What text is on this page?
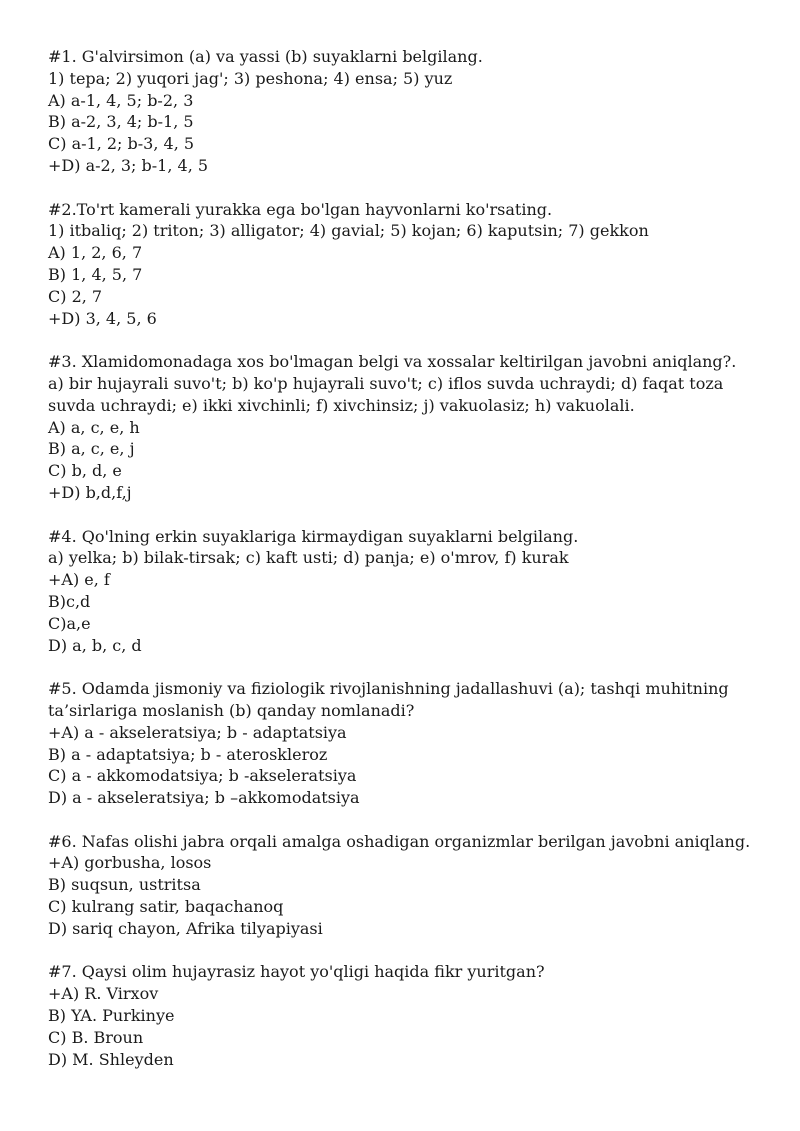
#1. G'alvirsimon (a) va yassi (b) suyaklarni belgilang.
1) tepa; 2) yuqori jag'; 3) peshona; 4) ensa; 5) yuz
A) a-1, 4, 5; b-2, 3
B) a-2, 3, 4; b-1, 5
C) a-1, 2; b-3, 4, 5
+D) a-2, 3; b-1, 4, 5
#2.To'rt kamerali yurakka ega bo'lgan hayvonlarni ko'rsating.
1) itbaliq; 2) triton; 3) alligator; 4) gavial; 5) kojan; 6) kaputsin; 7) gekkon
A) 1, 2, 6, 7
B) 1, 4, 5, 7
C) 2, 7
+D) 3, 4, 5, 6
#3. Xlamidomonadaga xos bo'lmagan belgi va xossalar keltirilgan javobni aniqlang?.
a) bir hujayrali suvo't; b) ko'p hujayrali suvo't; c) iflos suvda uchraydi; d) faqat toza suvda uchraydi; e) ikki xivchinli; f) xivchinsiz; j) vakuolasiz; h) vakuolali.
A) a, c, e, h
B) a, c, e, j
C) b, d, e
+D) b,d,f,j
#4. Qo'lning erkin suyaklariga kirmaydigan suyaklarni belgilang.
a) yelka; b) bilak-tirsak; c) kaft usti; d) panja; e) o'mrov, f) kurak
+A) e, f
B)c,d
C)a,e
D) a, b, c, d
#5. Odamda jismoniy va fiziologik rivojlanishning jadallashuvi (a); tashqi muhitning ta’sirlariga moslanish (b) qanday nomlanadi?
+A) a - akseleratsiya; b - adaptatsiya
B) a - adaptatsiya; b - ateroskleroz
C) a - akkomodatsiya; b -akseleratsiya
D) a - akseleratsiya; b –akkomodatsiya
#6. Nafas olishi jabra orqali amalga oshadigan organizmlar berilgan javobni aniqlang.
+A) gorbusha, losos
B) suqsun, ustritsa
C) kulrang satir, baqachanoq
D) sariq chayon, Afrika tilyapiyasi
#7. Qaysi olim hujayrasiz hayot yo'qligi haqida fikr yuritgan?
+A) R. Virxov
B) YA. Purkinye
C) B. Broun
D) M. Shleyden
